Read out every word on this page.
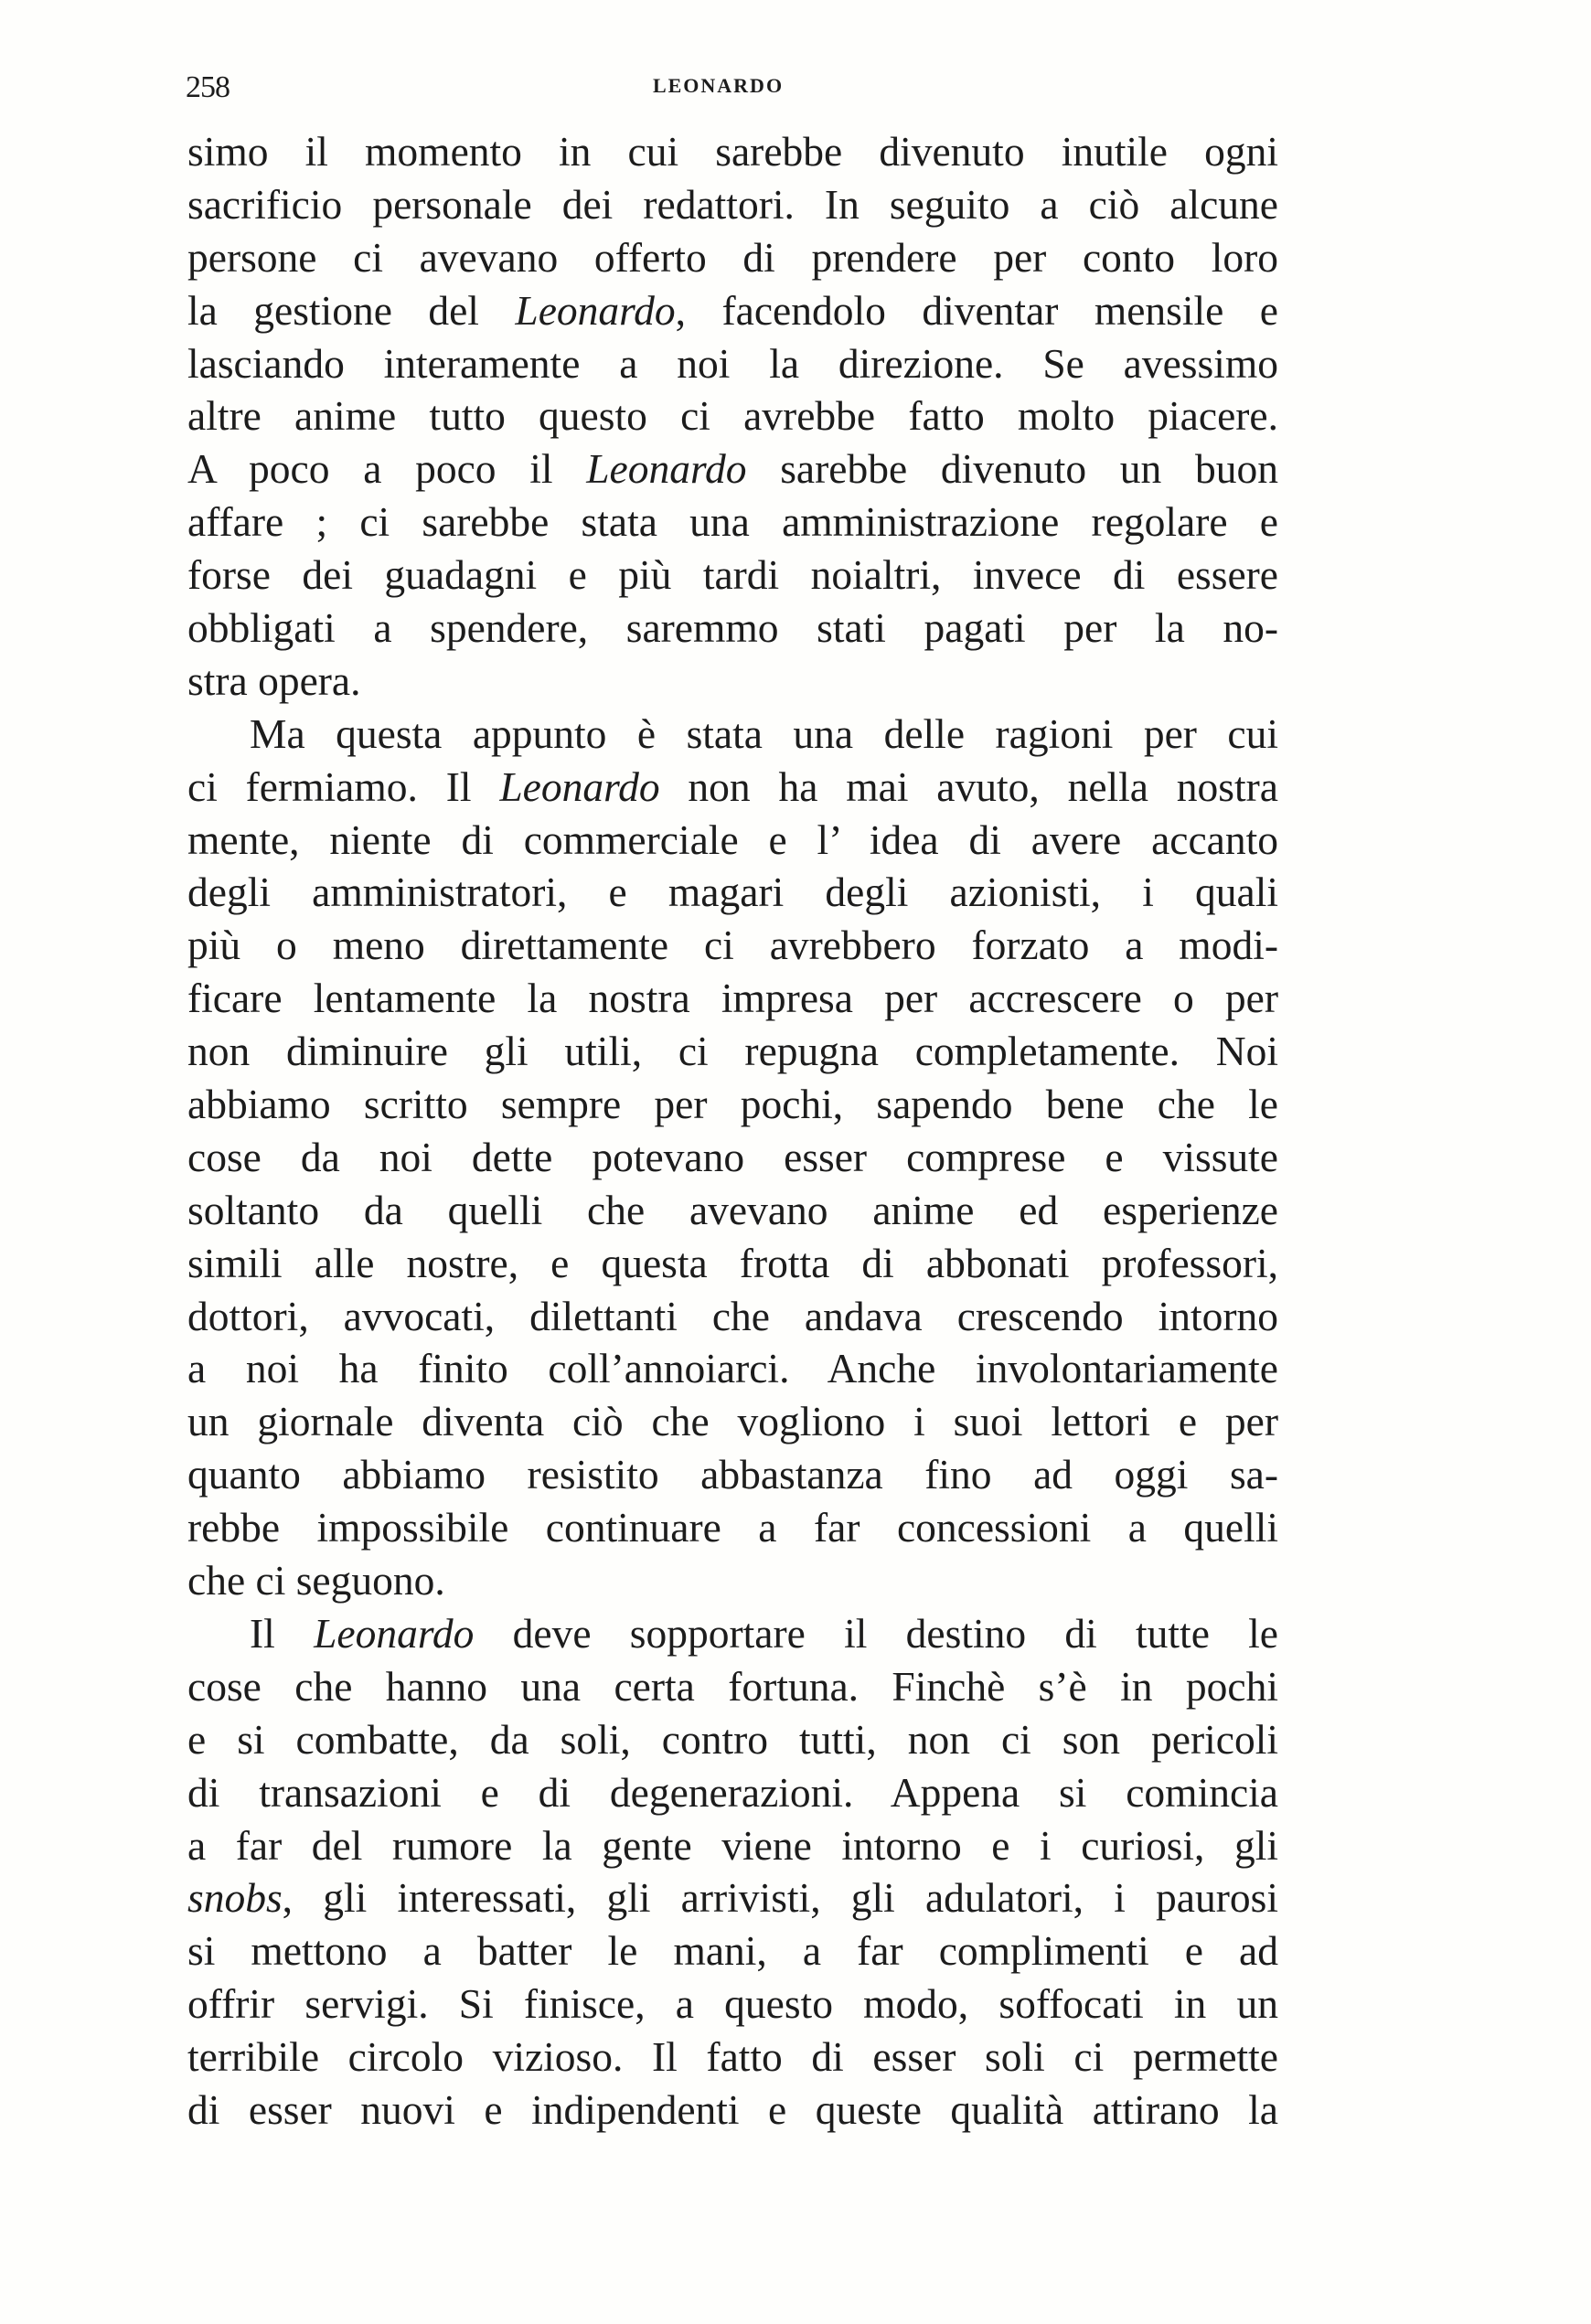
258	LEONARDO
simo il momento in cui sarebbe divenuto inutile ogni
sacrificio personale dei redattori. In seguito a ciò alcune
persone ci avevano offerto di prendere per conto loro
la gestione del Leonardo, facendolo diventar mensile e
lasciando interamente a noi la direzione. Se avessimo
altre anime tutto questo ci avrebbe fatto molto piacere.
A poco a poco il Leonardo sarebbe divenuto un buon
affare ; ci sarebbe stata una amministrazione regolare e
forse dei guadagni e più tardi noialtri, invece di essere
obbligati a spendere, saremmo stati pagati per la no-
stra opera.
Ma questa appunto è stata una delle ragioni per cui
ci fermiamo. Il Leonardo non ha mai avuto, nella nostra
mente, niente di commerciale e l’ idea di avere accanto
degli amministratori, e magari degli azionisti, i quali
più o meno direttamente ci avrebbero forzato a modi-
ficare lentamente la nostra impresa per accrescere o per
non diminuire gli utili, ci repugna completamente. Noi
abbiamo scritto sempre per pochi, sapendo bene che le
cose da noi dette potevano esser comprese e vissute
soltanto da quelli che avevano anime ed esperienze
simili alle nostre, e questa frotta di abbonati professori,
dottori, avvocati, dilettanti che andava crescendo intorno
a noi ha finito coll’annoiarci. Anche involontariamente
un giornale diventa ciò che vogliono i suoi lettori e per
quanto abbiamo resistito abbastanza fino ad oggi sa-
rebbe impossibile continuare a far concessioni a quelli
che ci seguono.
Il Leonardo deve sopportare il destino di tutte le
cose che hanno una certa fortuna. Finchè s’è in pochi
e si combatte, da soli, contro tutti, non ci son pericoli
di transazioni e di degenerazioni. Appena si comincia
a far del rumore la gente viene intorno e i curiosi, gli
snobs, gli interessati, gli arrivisti, gli adulatori, i paurosi
si mettono a batter le mani, a far complimenti e ad
offrir servigi. Si finisce, a questo modo, soffocati in un
terribile circolo vizioso. Il fatto di esser soli ci permette
di esser nuovi e indipendenti e queste qualità attirano la
